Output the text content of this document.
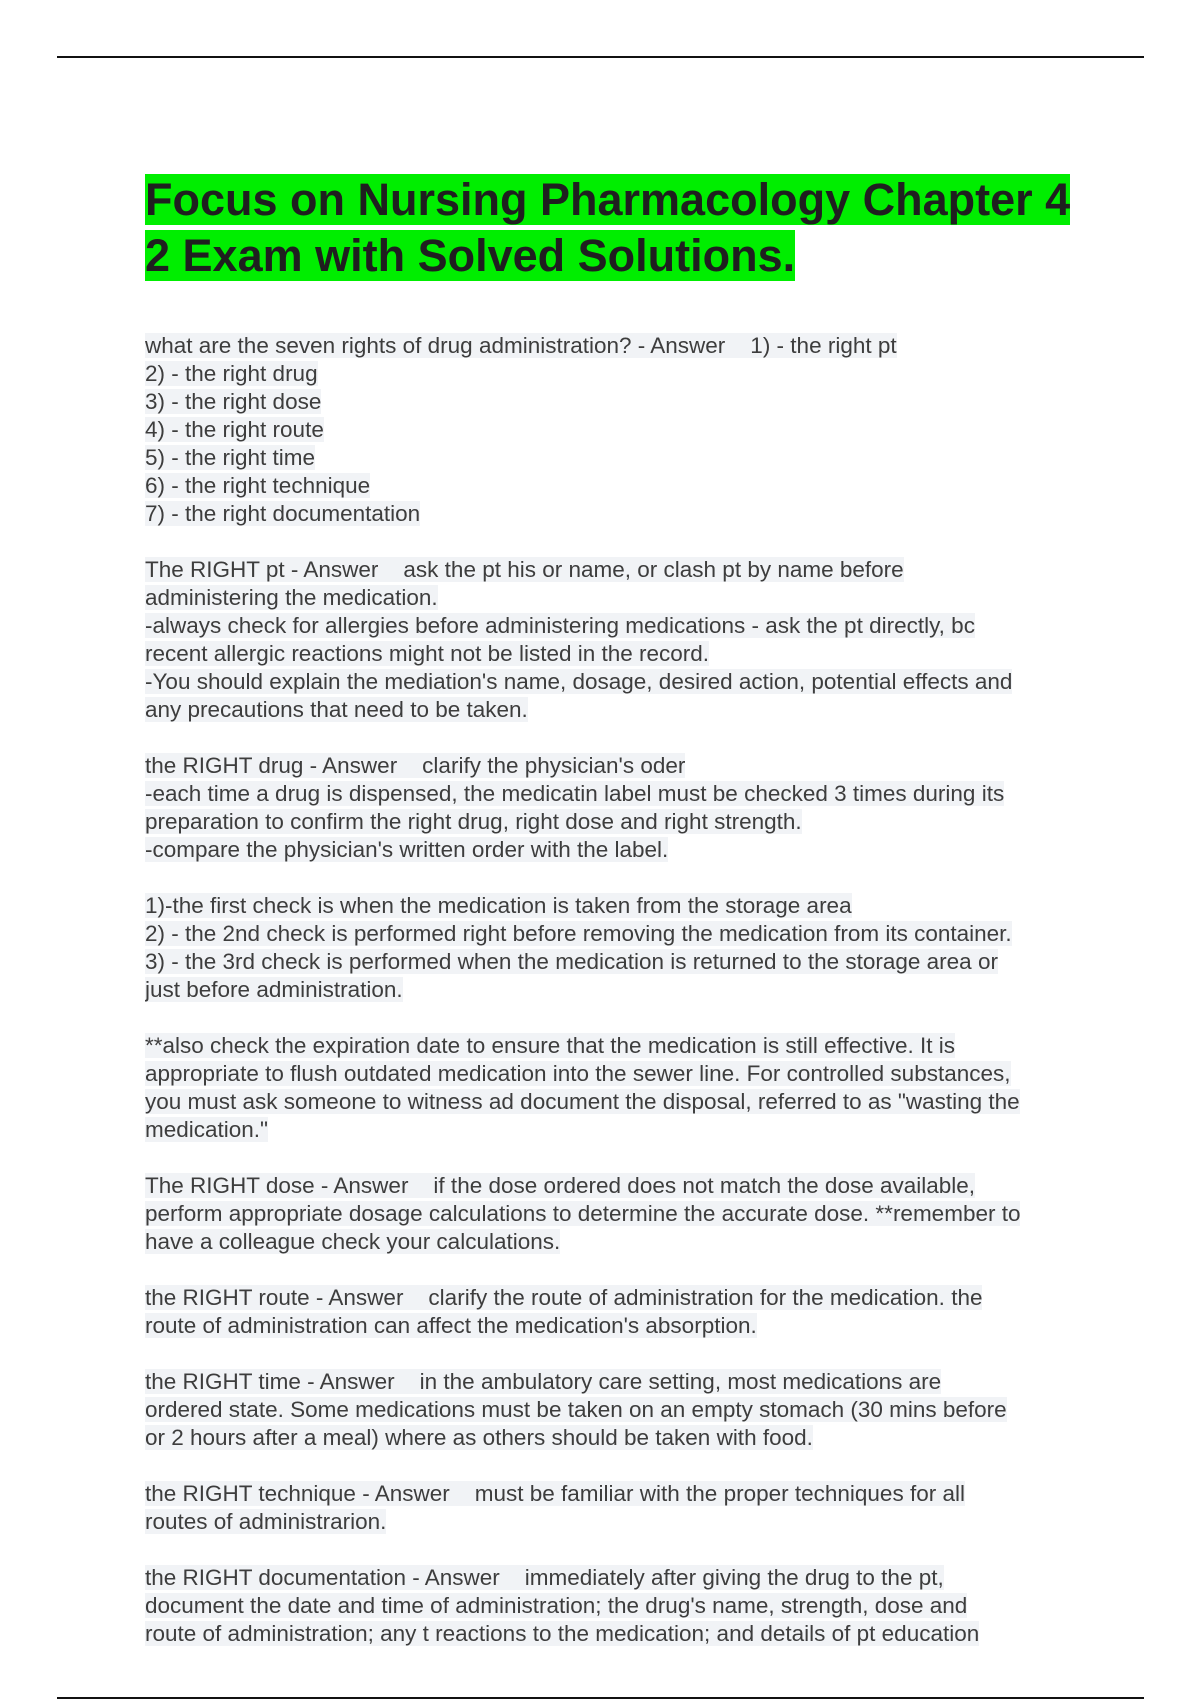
Focus on Nursing Pharmacology Chapter 4 2 Exam with Solved Solutions.

what are the seven rights of drug administration? - Answer    1) - the right pt
2) - the right drug
3) - the right dose
4) - the right route
5) - the right time
6) - the right technique
7) - the right documentation

The RIGHT pt - Answer    ask the pt his or name, or clash pt by name before
administering the medication.
-always check for allergies before administering medications - ask the pt directly, bc
recent allergic reactions might not be listed in the record.
-You should explain the mediation's name, dosage, desired action, potential effects and
any precautions that need to be taken.

the RIGHT drug - Answer    clarify the physician's oder
-each time a drug is dispensed, the medicatin label must be checked 3 times during its
preparation to confirm the right drug, right dose and right strength.
-compare the physician's written order with the label.

1)-the first check is when the medication is taken from the storage area
2) - the 2nd check is performed right before removing the medication from its container.
3) - the 3rd check is performed when the medication is returned to the storage area or
just before administration.

**also check the expiration date to ensure that the medication is still effective. It is
appropriate to flush outdated medication into the sewer line. For controlled substances,
you must ask someone to witness ad document the disposal, referred to as "wasting the
medication."

The RIGHT dose - Answer    if the dose ordered does not match the dose available,
perform appropriate dosage calculations to determine the accurate dose. **remember to
have a colleague check your calculations.

the RIGHT route - Answer    clarify the route of administration for the medication. the
route of administration can affect the medication's absorption.

the RIGHT time - Answer    in the ambulatory care setting, most medications are
ordered state. Some medications must be taken on an empty stomach (30 mins before
or 2 hours after a meal) where as others should be taken with food.

the RIGHT technique - Answer    must be familiar with the proper techniques for all
routes of administrarion.

the RIGHT documentation - Answer    immediately after giving the drug to the pt,
document the date and time of administration; the drug's name, strength, dose and
route of administration; any t reactions to the medication; and details of pt education
